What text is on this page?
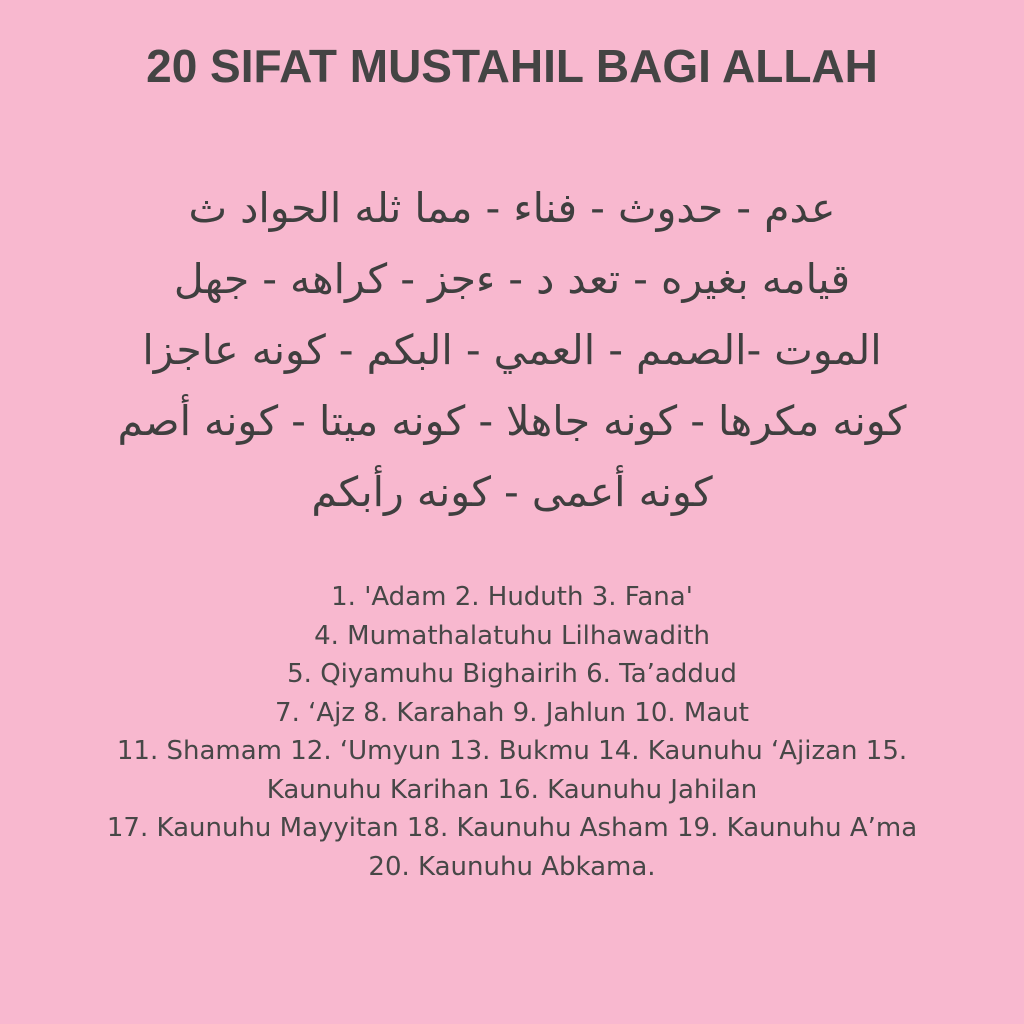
20 SIFAT MUSTAHIL BAGI ALLAH
عدم - حدوث - فناء - مما ثله الحواد ث
قيامه بغيره - تعد د - ءجز - كراهه - جهل
الموت -الصمم - العمي - البكم - كونه عاجزا
كونه مكرها - كونه جاهلا - كونه ميتا - كونه أصم
كونه أعمى - كونه رأبكم
1. 'Adam 2. Huduth 3. Fana'
4. Mumathalatuhu Lilhawadith
5. Qiyamuhu Bighairih 6. Ta’addud
7. ‘Ajz 8. Karahah 9. Jahlun 10. Maut
11. Shamam 12. ‘Umyun 13. Bukmu 14. Kaunuhu ‘Ajizan 15.
Kaunuhu Karihan 16. Kaunuhu Jahilan
17. Kaunuhu Mayyitan 18. Kaunuhu Asham 19. Kaunuhu A’ma
20. Kaunuhu Abkama.
